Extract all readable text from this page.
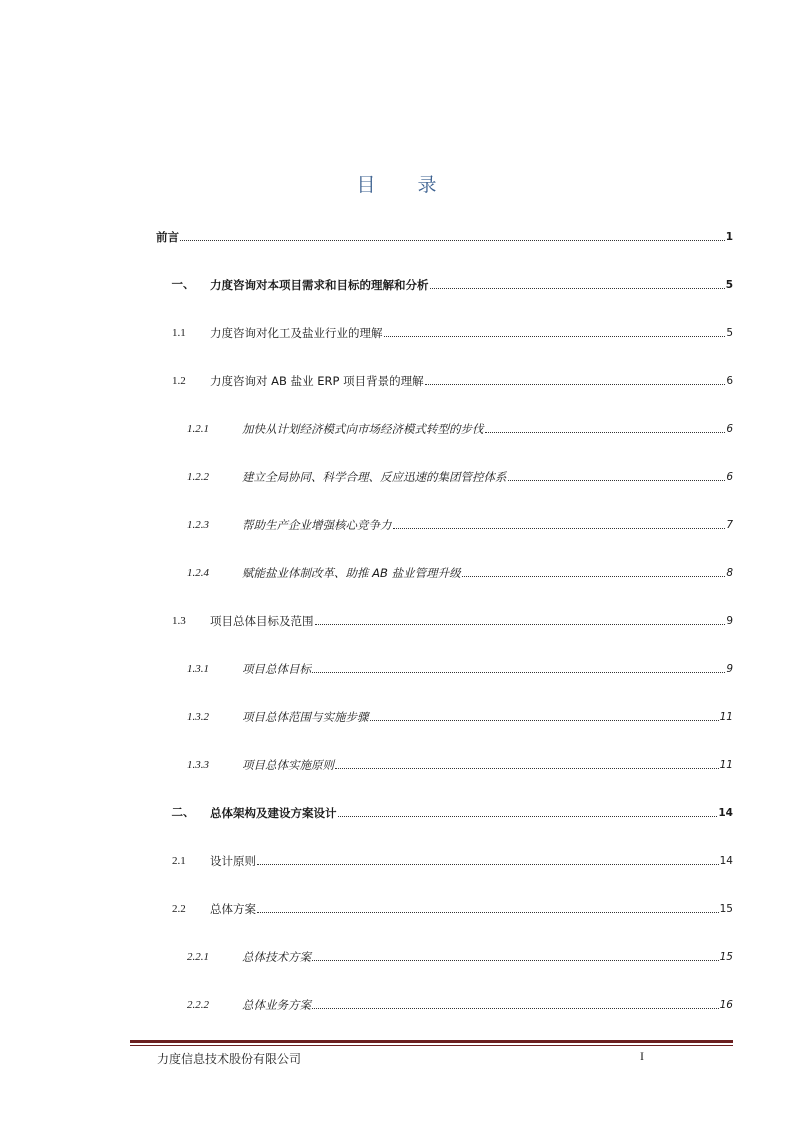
目 录
前言	1
一、	力度咨询对本项目需求和目标的理解和分析	5
1.1	力度咨询对化工及盐业行业的理解	5
1.2	力度咨询对 AB 盐业 ERP 项目背景的理解	6
1.2.1	加快从计划经济模式向市场经济模式转型的步伐	6
1.2.2	建立全局协同、科学合理、反应迅速的集团管控体系	6
1.2.3	帮助生产企业增强核心竞争力	7
1.2.4	赋能盐业体制改革、助推 AB 盐业管理升级	8
1.3	项目总体目标及范围	9
1.3.1	项目总体目标	9
1.3.2	项目总体范围与实施步骤	11
1.3.3	项目总体实施原则	11
二、	总体架构及建设方案设计	14
2.1	设计原则	14
2.2	总体方案	15
2.2.1	总体技术方案	15
2.2.2	总体业务方案	16
力度信息技术股份有限公司	I
